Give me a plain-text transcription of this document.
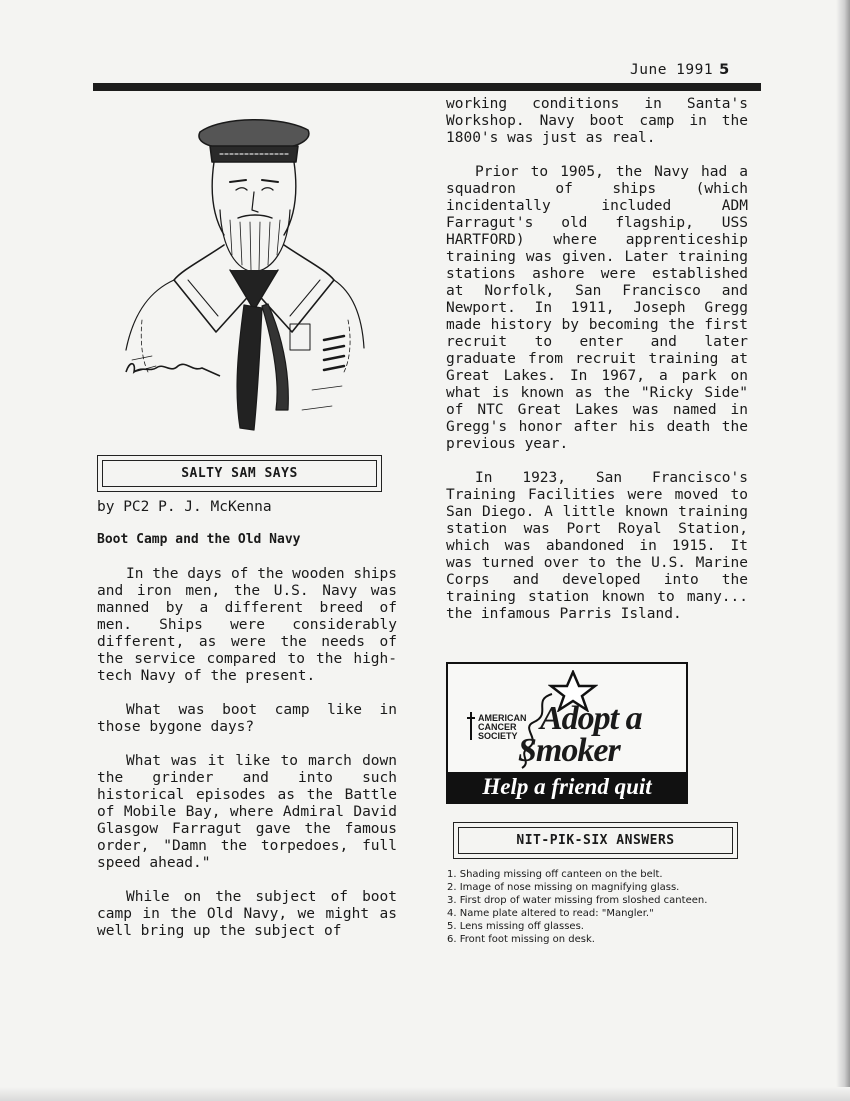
June 1991 5
SALTY SAM SAYS
by PC2 P. J. McKenna
Boot Camp and the Old Navy

In the days of the wooden ships and iron men, the U.S. Navy was manned by a different breed of men. Ships were considerably different, as were the needs of the service compared to the high-tech Navy of the present.

What was boot camp like in those bygone days?

What was it like to march down the grinder and into such historical episodes as the Battle of Mobile Bay, where Admiral David Glasgow Farragut gave the famous order, "Damn the torpedoes, full speed ahead."

While on the subject of boot camp in the Old Navy, we might as well bring up the subject of

working conditions in Santa's Workshop. Navy boot camp in the 1800's was just as real.

Prior to 1905, the Navy had a squadron of ships (which incidentally included ADM Farragut's old flagship, USS HARTFORD) where apprenticeship training was given. Later training stations ashore were established at Norfolk, San Francisco and Newport. In 1911, Joseph Gregg made history by becoming the first recruit to enter and later graduate from recruit training at Great Lakes. In 1967, a park on what is known as the "Ricky Side" of NTC Great Lakes was named in Gregg's honor after his death the previous year.

In 1923, San Francisco's Training Facilities were moved to San Diego. A little known training station was Port Royal Station, which was abandoned in 1915. It was turned over to the U.S. Marine Corps and developed into the training station known to many... the infamous Parris Island.

AMERICAN
CANCER
SOCIETY Adopt a
Smoker
Help a friend quit
NIT-PIK-SIX ANSWERS
1. Shading missing off canteen on the belt.
2. Image of nose missing on magnifying glass.
3. First drop of water missing from sloshed canteen.
4. Name plate altered to read: "Mangler."
5. Lens missing off glasses.
6. Front foot missing on desk.
